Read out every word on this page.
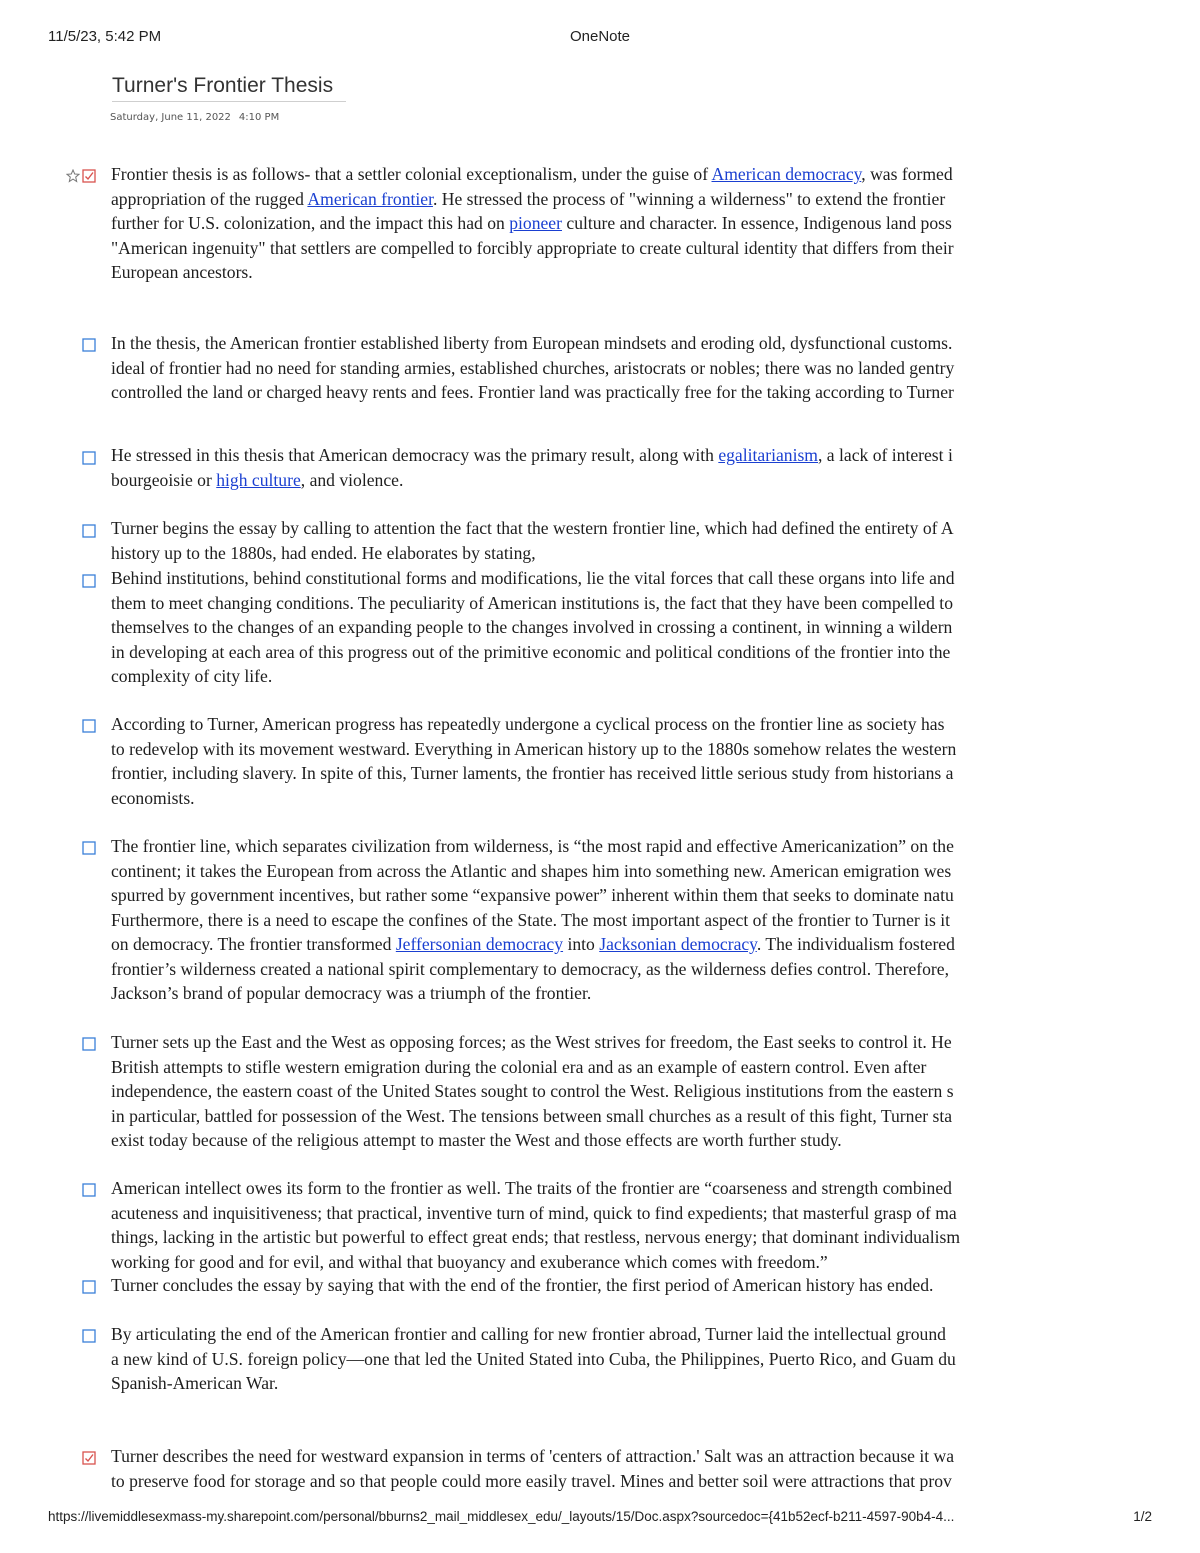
11/5/23, 5:42 PM	OneNote
Turner's Frontier Thesis
Saturday, June 11, 2022 4:10 PM
Frontier thesis is as follows- that a settler colonial exceptionalism, under the guise of American democracy, was formed
appropriation of the rugged American frontier. He stressed the process of "winning a wilderness" to extend the frontier
further for U.S. colonization, and the impact this had on pioneer culture and character. In essence, Indigenous land poss
"American ingenuity" that settlers are compelled to forcibly appropriate to create cultural identity that differs from their
European ancestors.
In the thesis, the American frontier established liberty from European mindsets and eroding old, dysfunctional customs.
ideal of frontier had no need for standing armies, established churches, aristocrats or nobles; there was no landed gentry
controlled the land or charged heavy rents and fees. Frontier land was practically free for the taking according to Turner
He stressed in this thesis that American democracy was the primary result, along with egalitarianism, a lack of interest i
bourgeoisie or high culture, and violence.
Turner begins the essay by calling to attention the fact that the western frontier line, which had defined the entirety of A
history up to the 1880s, had ended. He elaborates by stating,
Behind institutions, behind constitutional forms and modifications, lie the vital forces that call these organs into life and
them to meet changing conditions. The peculiarity of American institutions is, the fact that they have been compelled to
themselves to the changes of an expanding people to the changes involved in crossing a continent, in winning a wildern
in developing at each area of this progress out of the primitive economic and political conditions of the frontier into the
complexity of city life.
According to Turner, American progress has repeatedly undergone a cyclical process on the frontier line as society has
to redevelop with its movement westward. Everything in American history up to the 1880s somehow relates the western
frontier, including slavery. In spite of this, Turner laments, the frontier has received little serious study from historians a
economists.
The frontier line, which separates civilization from wilderness, is “the most rapid and effective Americanization” on the
continent; it takes the European from across the Atlantic and shapes him into something new. American emigration wes
spurred by government incentives, but rather some “expansive power” inherent within them that seeks to dominate natu
Furthermore, there is a need to escape the confines of the State. The most important aspect of the frontier to Turner is it
on democracy. The frontier transformed Jeffersonian democracy into Jacksonian democracy. The individualism fostered
frontier’s wilderness created a national spirit complementary to democracy, as the wilderness defies control. Therefore,
Jackson’s brand of popular democracy was a triumph of the frontier.
Turner sets up the East and the West as opposing forces; as the West strives for freedom, the East seeks to control it. He
British attempts to stifle western emigration during the colonial era and as an example of eastern control. Even after
independence, the eastern coast of the United States sought to control the West. Religious institutions from the eastern s
in particular, battled for possession of the West. The tensions between small churches as a result of this fight, Turner sta
exist today because of the religious attempt to master the West and those effects are worth further study.
American intellect owes its form to the frontier as well. The traits of the frontier are “coarseness and strength combined
acuteness and inquisitiveness; that practical, inventive turn of mind, quick to find expedients; that masterful grasp of ma
things, lacking in the artistic but powerful to effect great ends; that restless, nervous energy; that dominant individualism
working for good and for evil, and withal that buoyancy and exuberance which comes with freedom.”
Turner concludes the essay by saying that with the end of the frontier, the first period of American history has ended.
By articulating the end of the American frontier and calling for new frontier abroad, Turner laid the intellectual ground
a new kind of U.S. foreign policy—one that led the United Stated into Cuba, the Philippines, Puerto Rico, and Guam du
Spanish-American War.
Turner describes the need for westward expansion in terms of 'centers of attraction.' Salt was an attraction because it wa
to preserve food for storage and so that people could more easily travel. Mines and better soil were attractions that prov
https://livemiddlesexmass-my.sharepoint.com/personal/bburns2_mail_middlesex_edu/_layouts/15/Doc.aspx?sourcedoc={41b52ecf-b211-4597-90b4-4...	1/2
